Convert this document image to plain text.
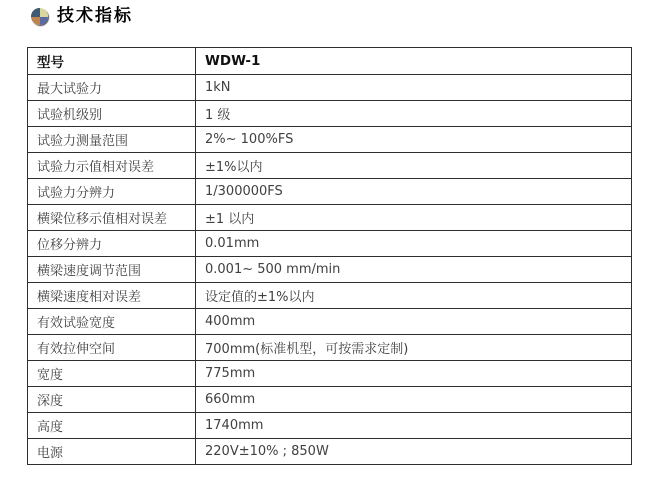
技术指标
型号	WDW-1
最大试验力	1kN
试验机级别	1 级
试验力测量范围	2%~ 100%FS
试验力示值相对误差	±1%以内
试验力分辨力	1/300000FS
横梁位移示值相对误差	±1 以内
位移分辨力	0.01mm
横梁速度调节范围	0.001~ 500 mm/min
横梁速度相对误差	设定值的±1%以内
有效试验宽度	400mm
有效拉伸空间	700mm(标准机型，可按需求定制)
宽度	775mm
深度	660mm
高度	1740mm
电源	220V±10% ; 850W
